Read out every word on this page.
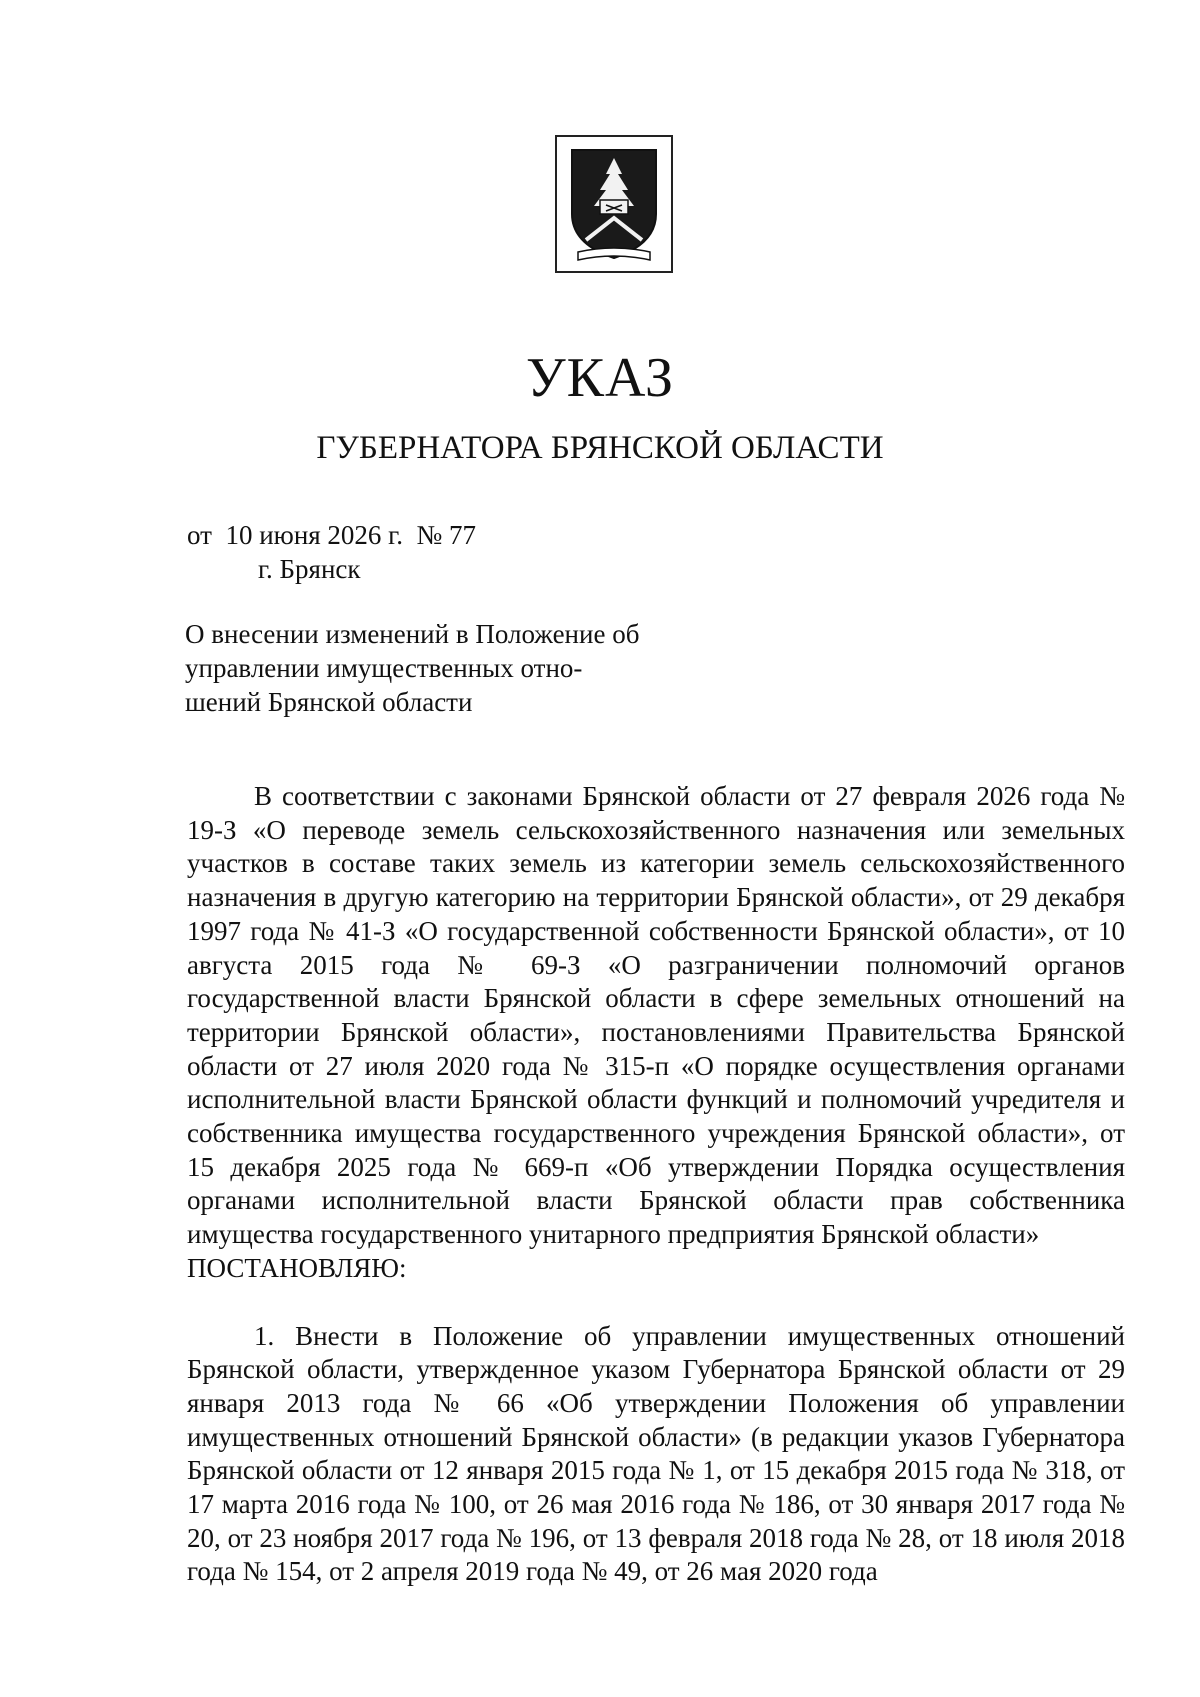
УКАЗ
ГУБЕРНАТОРА БРЯНСКОЙ ОБЛАСТИ
от  10 июня 2026 г.  № 77
г. Брянск
О внесении изменений в Положение об управлении имущественных отно-шений Брянской области

В соответствии с законами Брянской области от 27 февраля 2026 года № 19-З «О переводе земель сельскохозяйственного назначения или земельных участков в составе таких земель из категории земель сельскохозяйственного назначения в другую категорию на территории Брянской области», от 29 декабря 1997 года № 41-З «О государственной собственности Брянской области», от 10 августа 2015 года № 69-З «О разграничении полномочий органов государственной власти Брянской области в сфере земельных отношений на территории Брянской области», постановлениями Правительства Брянской области от 27 июля 2020 года № 315-п «О порядке осуществления органами исполнительной власти Брянской области функций и полномочий учредителя и собственника имущества государственного учреждения Брянской области», от 15 декабря 2025 года № 669-п «Об утверждении Порядка осуществления органами исполнительной власти Брянской области прав собственника имущества государственного унитарного предприятия Брянской области»

ПОСТАНОВЛЯЮ:

1. Внести в Положение об управлении имущественных отношений Брянской области, утвержденное указом Губернатора Брянской области от 29 января 2013 года № 66 «Об утверждении Положения об управлении имущественных отношений Брянской области» (в редакции указов Губернатора Брянской области от 12 января 2015 года № 1, от 15 декабря 2015 года № 318, от 17 марта 2016 года № 100, от 26 мая 2016 года № 186, от 30 января 2017 года № 20, от 23 ноября 2017 года № 196, от 13 февраля 2018 года № 28, от 18 июля 2018 года № 154, от 2 апреля 2019 года № 49, от 26 мая 2020 года
